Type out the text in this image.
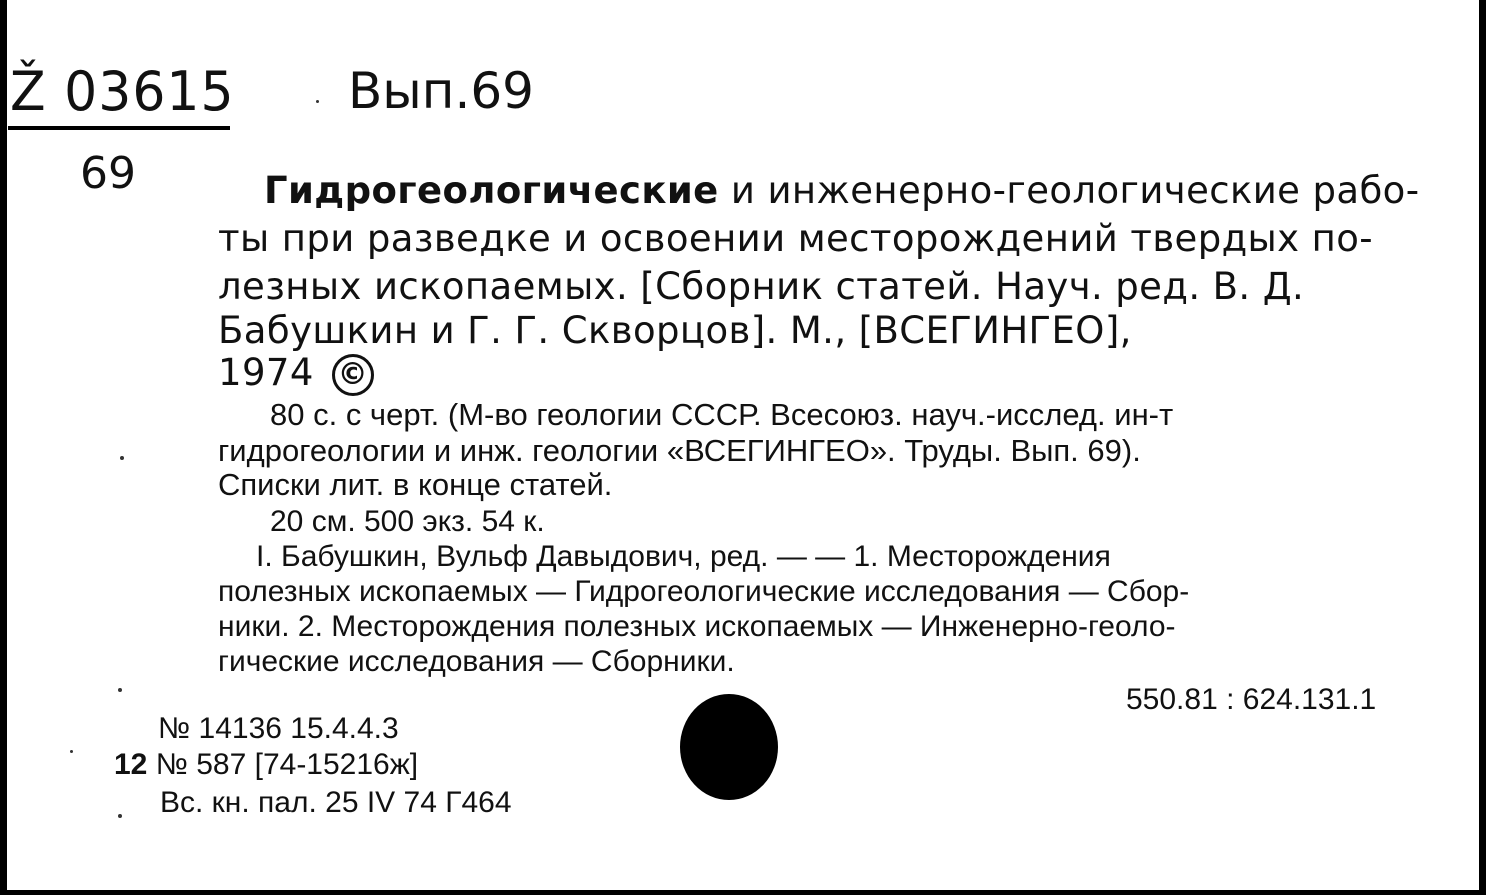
Ž 03615 Вып.69
69	Гидрогеологические и инженерно-геологические рабо-
ты при разведке и освоении месторождений твердых по-
лезных ископаемых. [Сборник статей. Науч. ред. В. Д.
Бабушкин и Г. Г. Скворцов]. М., [ВСЕГИНГЕО],
1974 ©
80 с. с черт. (М-во геологии СССР. Всесоюз. науч.-исслед. ин-т
гидрогеологии и инж. геологии «ВСЕГИНГЕО». Труды. Вып. 69).
Списки лит. в конце статей.
20 см. 500 экз. 54 к.
I. Бабушкин, Вульф Давыдович, ред. — — 1. Месторождения
полезных ископаемых — Гидрогеологические исследования — Сбор-
ники. 2. Месторождения полезных ископаемых — Инженерно-геоло-
гические исследования — Сборники.
550.81 : 624.131.1
№ 14136 15.4.4.3
12 № 587 [74-15216ж]
Вс. кн. пал. 25 IV 74 Г464
